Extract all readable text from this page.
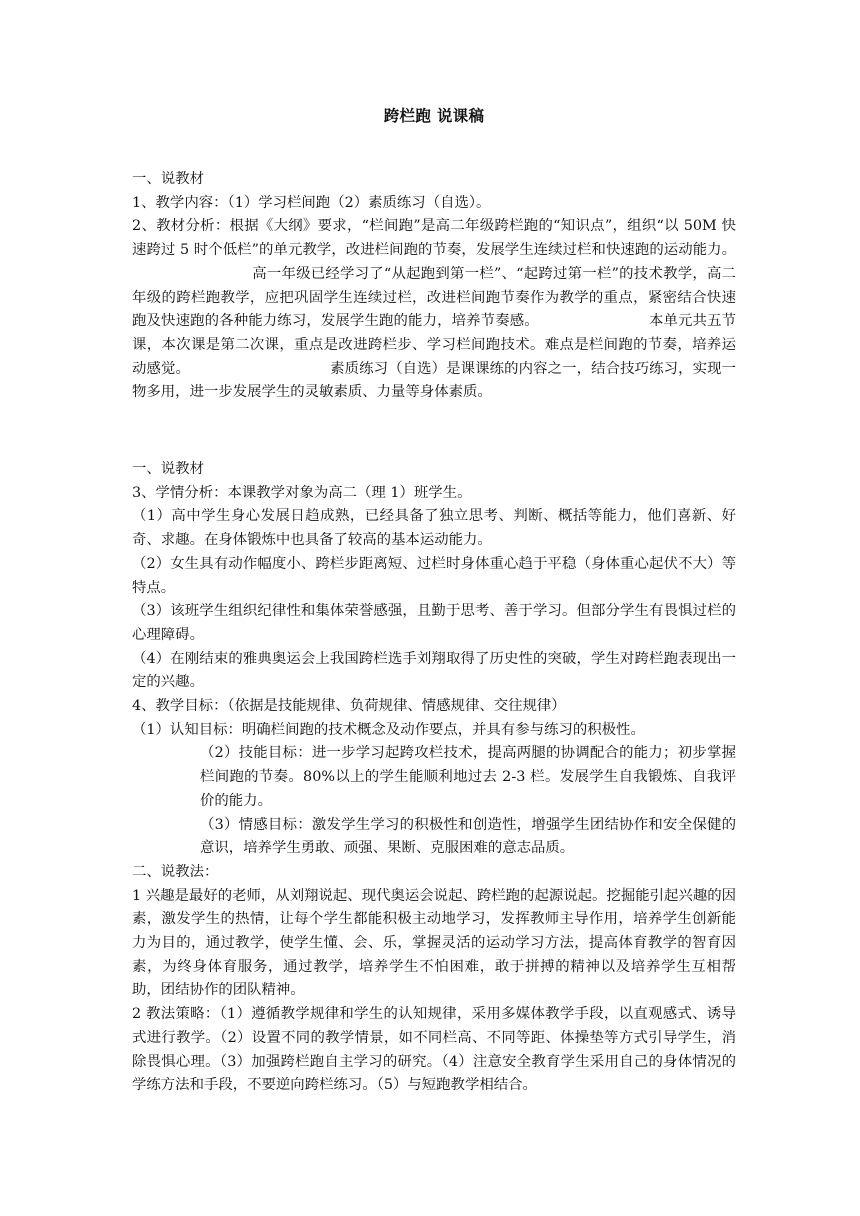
跨栏跑 说课稿

一、说教材

1、教学内容：（1）学习栏间跑（2）素质练习（自选）。

2、教材分析：根据《大纲》要求，“栏间跑”是高二年级跨栏跑的“知识点”，组织“以 50M 快速跨过 5 时个低栏”的单元教学，改进栏间跑的节奏，发展学生连续过栏和快速跑的运动能力。高一年级已经学习了“从起跑到第一栏”、“起跨过第一栏”的技术教学，高二年级的跨栏跑教学，应把巩固学生连续过栏，改进栏间跑节奏作为教学的重点，紧密结合快速跑及快速跑的各种能力练习，发展学生跑的能力，培养节奏感。	本单元共五节课，本次课是第二次课，重点是改进跨栏步、学习栏间跑技术。难点是栏间跑的节奏，培养运动感觉。	素质练习（自选）是课课练的内容之一，结合技巧练习，实现一物多用，进一步发展学生的灵敏素质、力量等身体素质。

一、说教材

3、学情分析：本课教学对象为高二（理 1）班学生。

（1）高中学生身心发展日趋成熟，已经具备了独立思考、判断、概括等能力，他们喜新、好奇、求趣。在身体锻炼中也具备了较高的基本运动能力。

（2）女生具有动作幅度小、跨栏步距离短、过栏时身体重心趋于平稳（身体重心起伏不大）等特点。

（3）该班学生组织纪律性和集体荣誉感强，且勤于思考、善于学习。但部分学生有畏惧过栏的心理障碍。

（4）在刚结束的雅典奥运会上我国跨栏选手刘翔取得了历史性的突破，学生对跨栏跑表现出一定的兴趣。

4、教学目标：（依据是技能规律、负荷规律、情感规律、交往规律）

（1）认知目标：明确栏间跑的技术概念及动作要点，并具有参与练习的积极性。

（2）技能目标：进一步学习起跨攻栏技术，提高两腿的协调配合的能力；初步掌握栏间跑的节奏。80%以上的学生能顺利地过去 2-3 栏。发展学生自我锻炼、自我评价的能力。

（3）情感目标：激发学生学习的积极性和创造性，增强学生团结协作和安全保健的意识，培养学生勇敢、顽强、果断、克服困难的意志品质。

二、说教法：

1 兴趣是最好的老师，从刘翔说起、现代奥运会说起、跨栏跑的起源说起。挖掘能引起兴趣的因素，激发学生的热情，让每个学生都能积极主动地学习，发挥教师主导作用，培养学生创新能力为目的，通过教学，使学生懂、会、乐，掌握灵活的运动学习方法，提高体育教学的智育因素，为终身体育服务，通过教学，培养学生不怕困难，敢于拼搏的精神以及培养学生互相帮助，团结协作的团队精神。

2 教法策略：（1）遵循教学规律和学生的认知规律，采用多媒体教学手段，以直观感式、诱导式进行教学。（2）设置不同的教学情景，如不同栏高、不同等距、体操垫等方式引导学生，消除畏惧心理。（3）加强跨栏跑自主学习的研究。（4）注意安全教育学生采用自己的身体情况的学练方法和手段，不要逆向跨栏练习。（5）与短跑教学相结合。
